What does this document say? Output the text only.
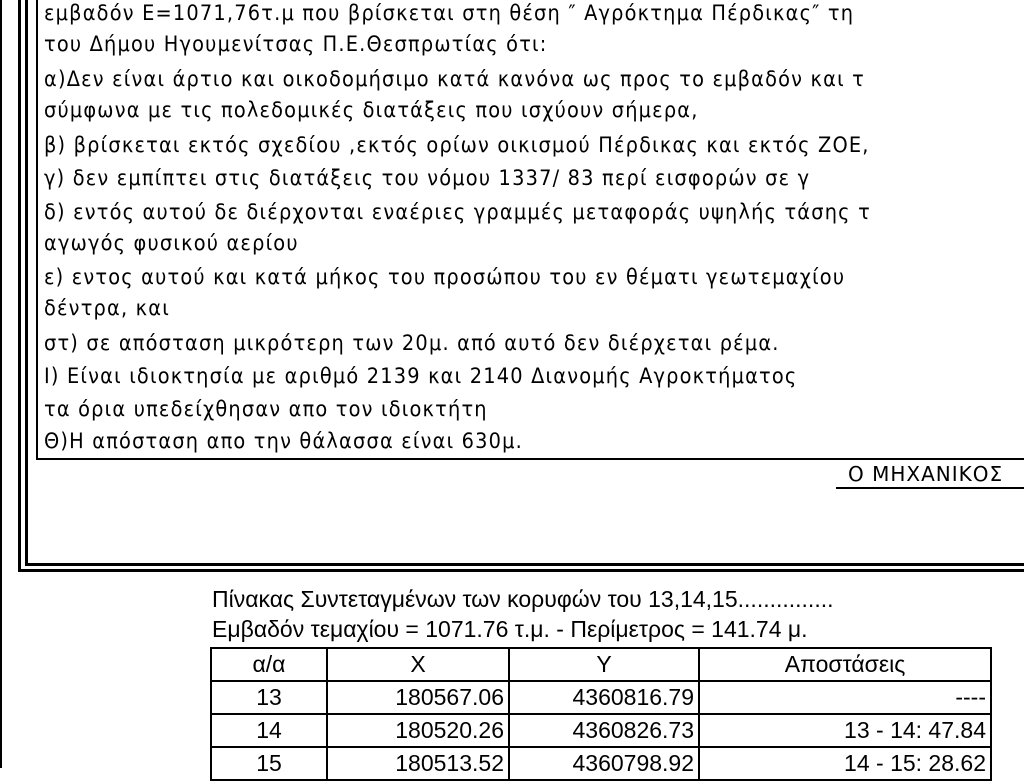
εμβαδόν Ε=1071,76τ.μ που βρίσκεται στη θέση ″ Αγρόκτημα Πέρδικας″ τη
του Δήμου Ηγουμενίτσας Π.Ε.Θεσπρωτίας ότι:
α)Δεν είναι άρτιο και οικοδομήσιμο κατά κανόνα ως προς το εμβαδόν και τ
σύμφωνα με τις πολεδομικές διατάξεις που ισχύουν σήμερα,
β) βρίσκεται εκτός σχεδίου ,εκτός ορίων οικισμού Πέρδικας και εκτός ΖΟΕ,
γ) δεν εμπίπτει στις διατάξεις του νόμου 1337/ 83 περί εισφορών σε γ
δ) εντός αυτού δε διέρχονται εναέριες γραμμές μεταφοράς υψηλής τάσης τ
αγωγός φυσικού αερίου
ε) εντος αυτού και κατά μήκος του προσώπου του εν θέματι γεωτεμαχίου
δέντρα, και
στ) σε απόσταση μικρότερη των 20μ. από αυτό δεν διέρχεται ρέμα.
Ι) Είναι ιδιοκτησία με αριθμό 2139 και 2140 Διανομής Αγροκτήματος
τα όρια υπεδείχθησαν απο τον ιδιοκτήτη
Θ)Η απόσταση απο την θάλασσα είναι 630μ.
Ο ΜΗΧΑΝΙΚΟΣ
Πίνακας Συντεταγμένων των κορυφών του 13,14,15...............
Εμβαδόν τεμαχίου = 1071.76 τ.μ. - Περίμετρος = 141.74 μ.
α/α	Χ	Υ	Αποστάσεις
13	180567.06	4360816.79	----
14	180520.26	4360826.73	13 - 14: 47.84
15	180513.52	4360798.92	14 - 15: 28.62
